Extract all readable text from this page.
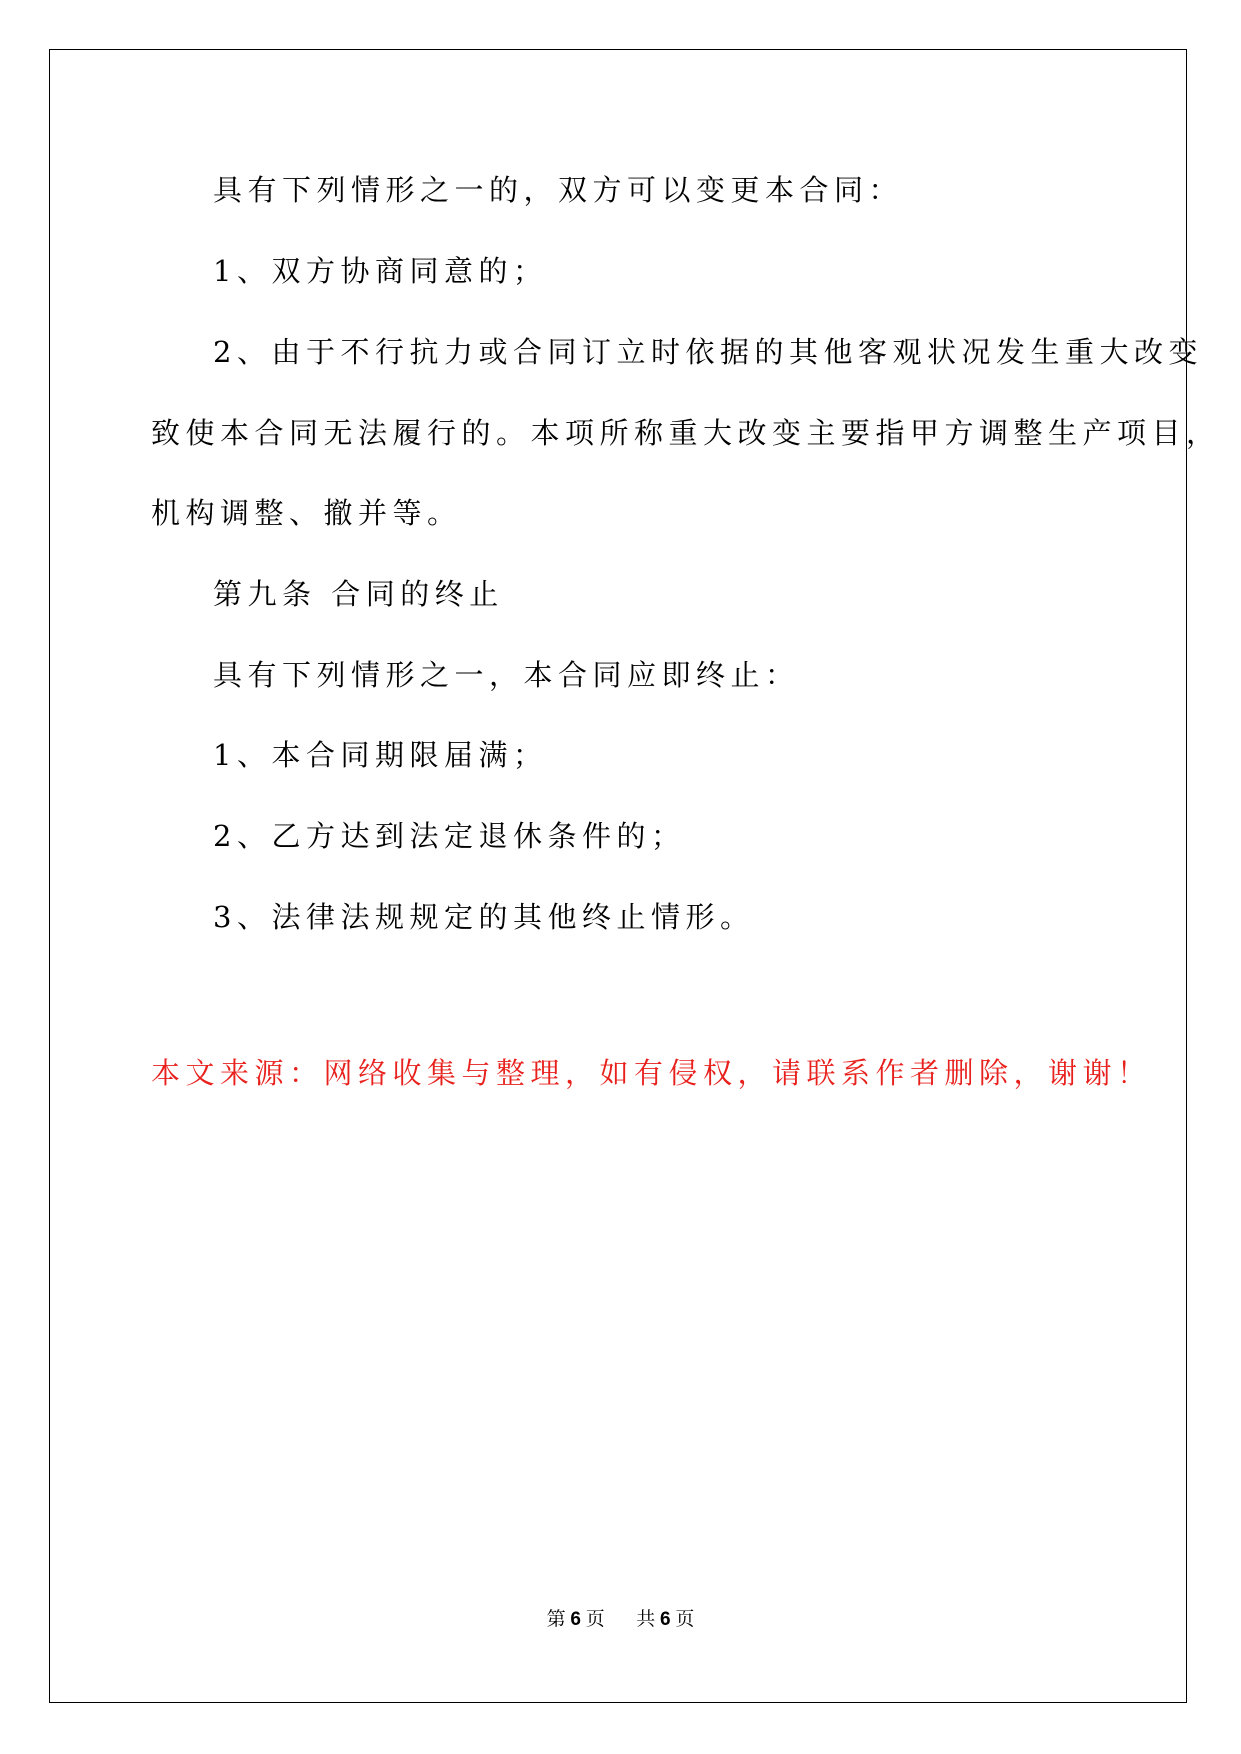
具有下列情形之一的，双方可以变更本合同：
1、双方协商同意的；
2、由于不行抗力或合同订立时依据的其他客观状况发生重大改变
致使本合同无法履行的。本项所称重大改变主要指甲方调整生产项目，
机构调整、撤并等。
第九条 合同的终止
具有下列情形之一，本合同应即终止：
1、本合同期限届满；
2、乙方达到法定退休条件的；
3、法律法规规定的其他终止情形。
本文来源：网络收集与整理，如有侵权，请联系作者删除，谢谢！
第 6 页 共 6 页
